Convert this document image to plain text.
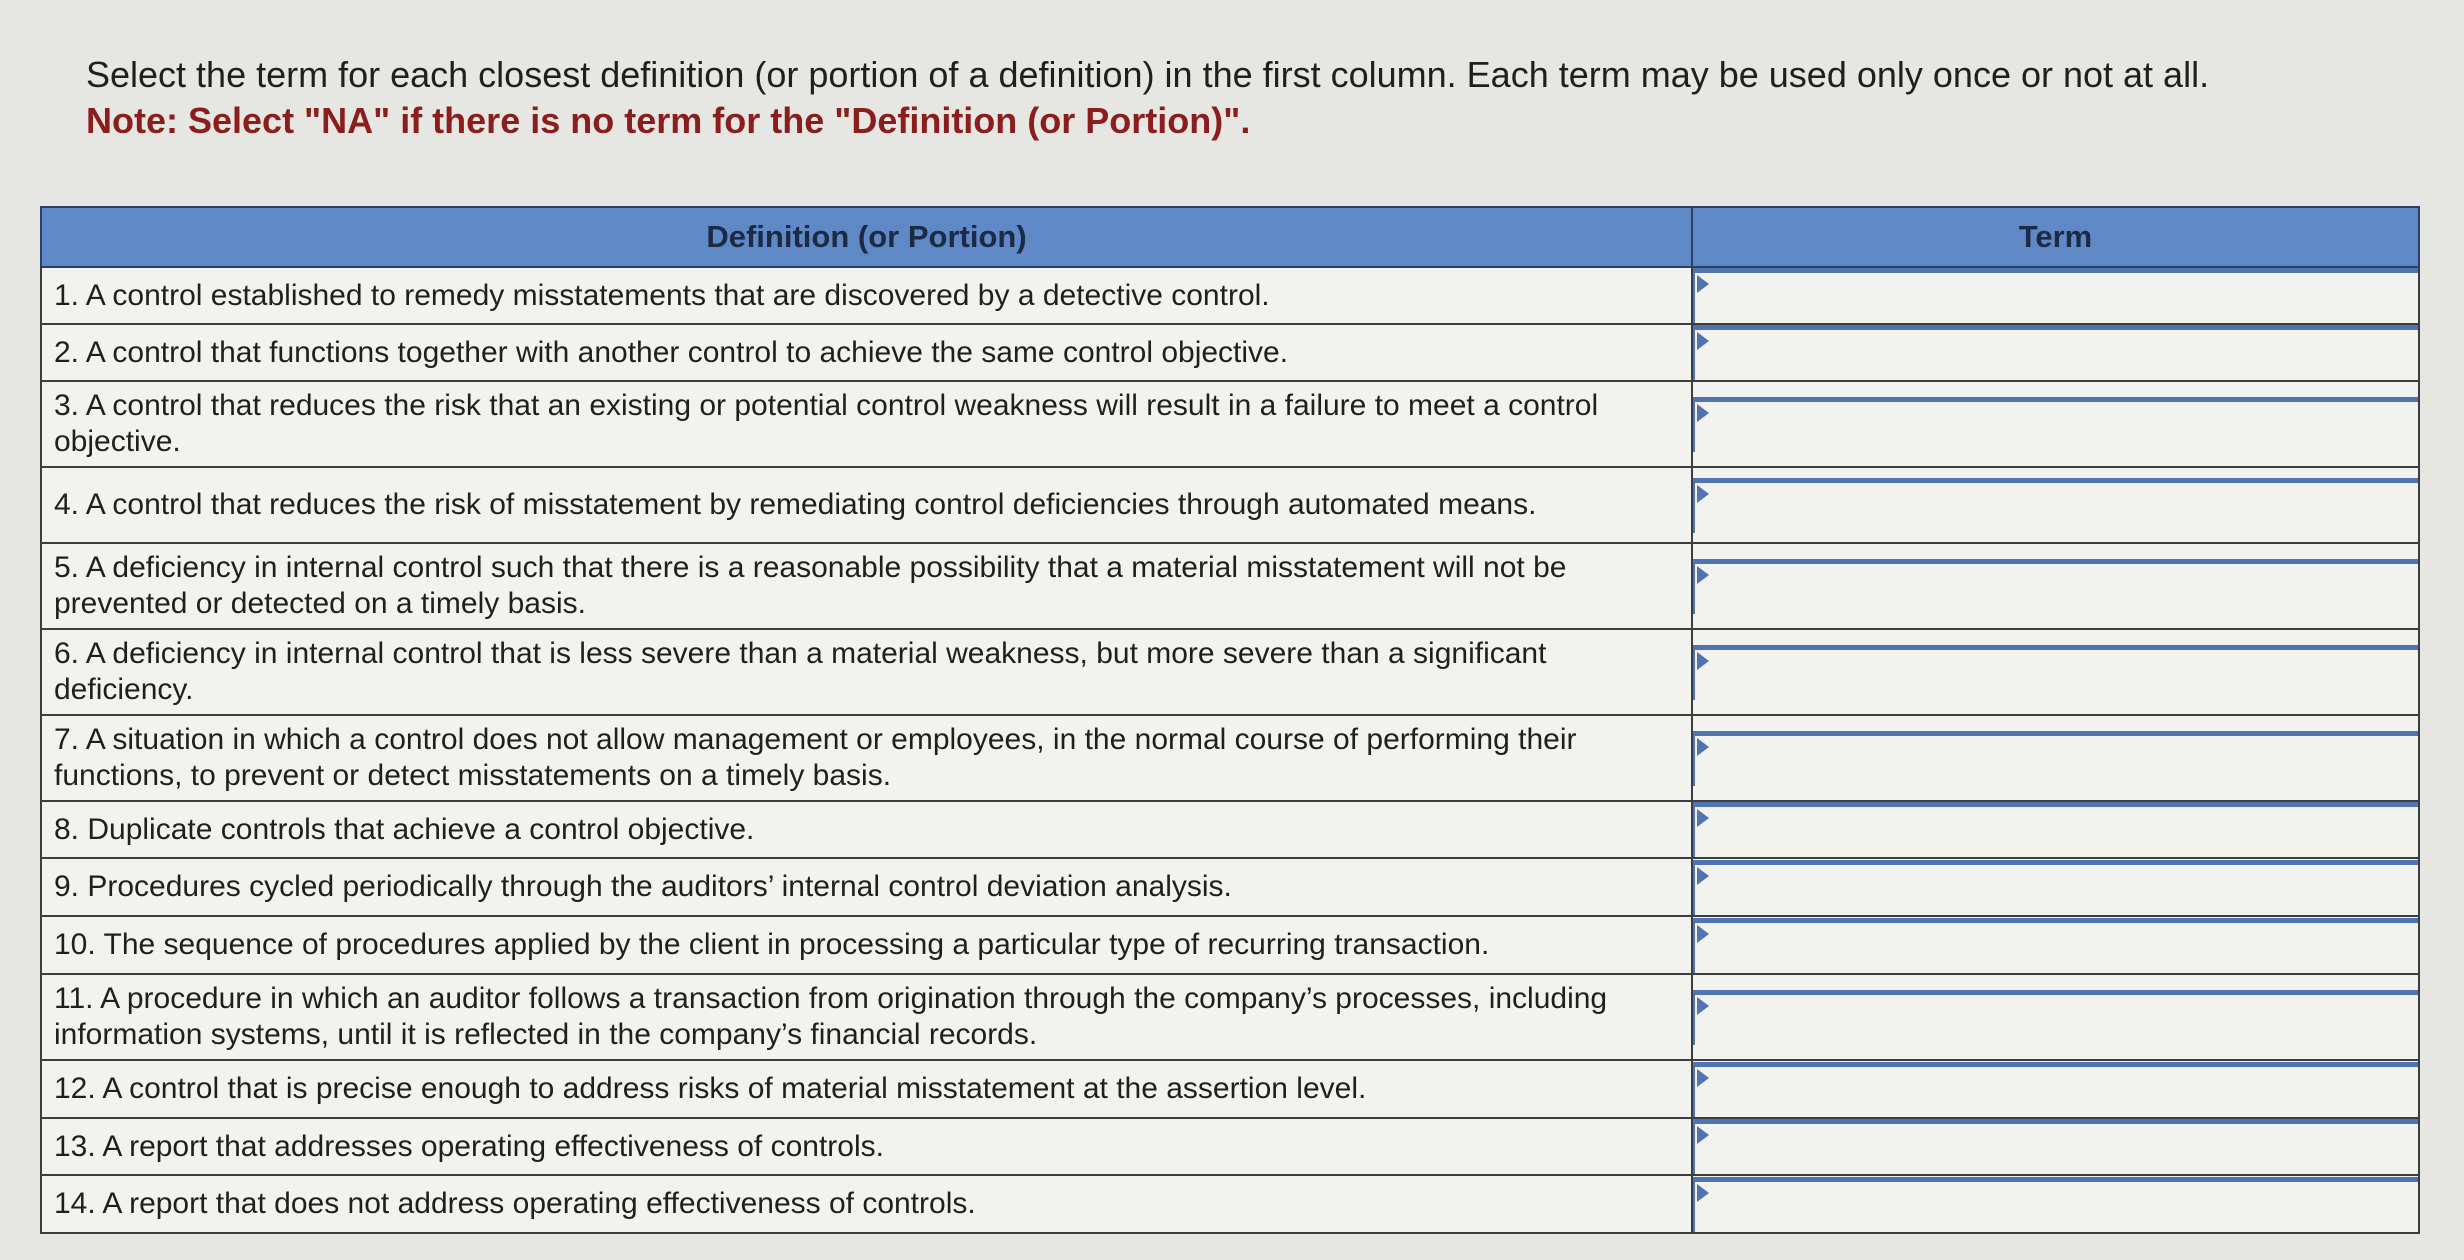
Select the term for each closest definition (or portion of a definition) in the first column. Each term may be used only once or not at all.
Note: Select "NA" if there is no term for the "Definition (or Portion)".
Definition (or Portion)	Term
1. A control established to remedy misstatements that are discovered by a detective control.	

2. A control that functions together with another control to achieve the same control objective.	

3. A control that reduces the risk that an existing or potential control weakness will result in a failure to meet a control objective.	

4. A control that reduces the risk of misstatement by remediating control deficiencies through automated means.	

5. A deficiency in internal control such that there is a reasonable possibility that a material misstatement will not be prevented or detected on a timely basis.	

6. A deficiency in internal control that is less severe than a material weakness, but more severe than a significant deficiency.	

7. A situation in which a control does not allow management or employees, in the normal course of performing their functions, to prevent or detect misstatements on a timely basis.	

8. Duplicate controls that achieve a control objective.	

9. Procedures cycled periodically through the auditors’ internal control deviation analysis.	

10. The sequence of procedures applied by the client in processing a particular type of recurring transaction.	

11. A procedure in which an auditor follows a transaction from origination through the company’s processes, including information systems, until it is reflected in the company’s financial records.	

12. A control that is precise enough to address risks of material misstatement at the assertion level.	

13. A report that addresses operating effectiveness of controls.	

14. A report that does not address operating effectiveness of controls.	
